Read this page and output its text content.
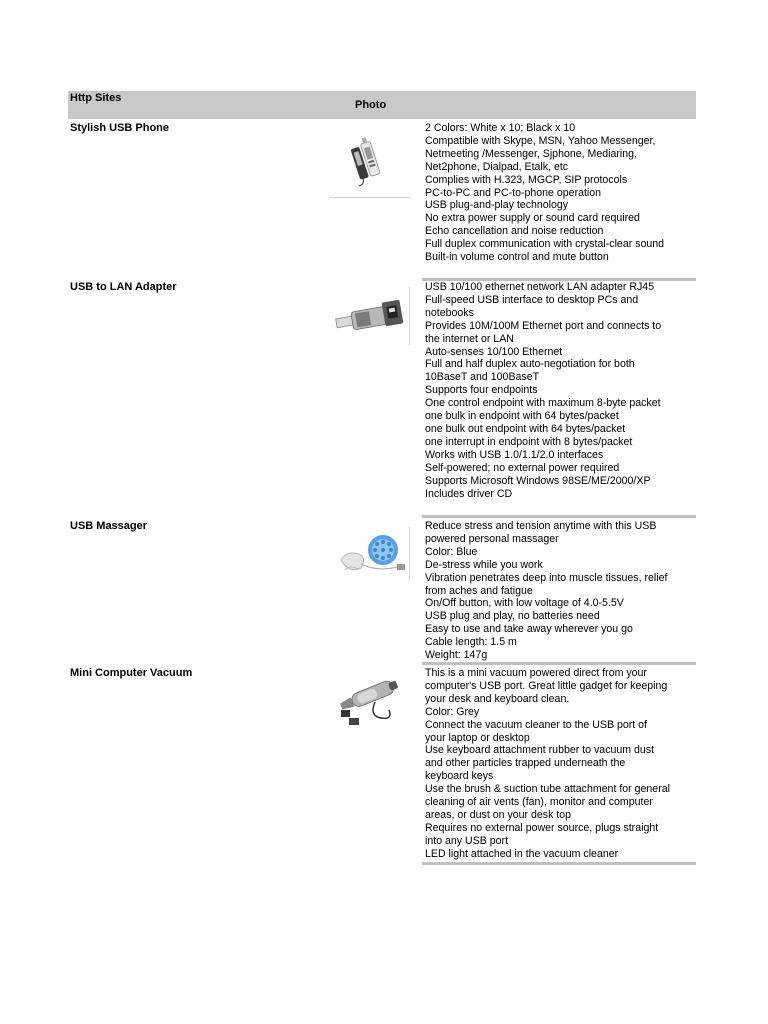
Http Sites
Photo
Stylish USB Phone	2 Colors: White x 10; Black x 10
Compatible with Skype, MSN, Yahoo Messenger,
Netmeeting /Messenger, Sjphone, Mediaring,
Net2phone, Dialpad, Etalk, etc
Complies with H.323, MGCP, SIP protocols
PC-to-PC and PC-to-phone operation
USB plug-and-play technology
No extra power supply or sound card required
Echo cancellation and noise reduction
Full duplex communication with crystal-clear sound
Built-in volume control and mute button
USB to LAN Adapter	USB 10/100 ethernet network LAN adapter RJ45
Full-speed USB interface to desktop PCs and
notebooks
Provides 10M/100M Ethernet port and connects to
the internet or LAN
Auto-senses 10/100 Ethernet
Full and half duplex auto-negotiation for both
10BaseT and 100BaseT
Supports four endpoints
One control endpoint with maximum 8-byte packet
one bulk in endpoint with 64 bytes/packet
one bulk out endpoint with 64 bytes/packet
one interrupt in endpoint with 8 bytes/packet
Works with USB 1.0/1.1/2.0 interfaces
Self-powered; no external power required
Supports Microsoft Windows 98SE/ME/2000/XP
Includes driver CD
USB Massager	Reduce stress and tension anytime with this USB
powered personal massager
Color: Blue
De-stress while you work
Vibration penetrates deep into muscle tissues, relief
from aches and fatigue
On/Off button, with low voltage of 4.0-5.5V
USB plug and play, no batteries need
Easy to use and take away wherever you go
Cable length: 1.5 m
Weight: 147g
Mini Computer Vacuum	This is a mini vacuum powered direct from your
computer's USB port. Great little gadget for keeping
your desk and keyboard clean.
Color: Grey
Connect the vacuum cleaner to the USB port of
your laptop or desktop
Use keyboard attachment rubber to vacuum dust
and other particles trapped underneath the
keyboard keys
Use the brush & suction tube attachment for general
cleaning of air vents (fan), monitor and computer
areas, or dust on your desk top
Requires no external power source, plugs straight
into any USB port
LED light attached in the vacuum cleaner
